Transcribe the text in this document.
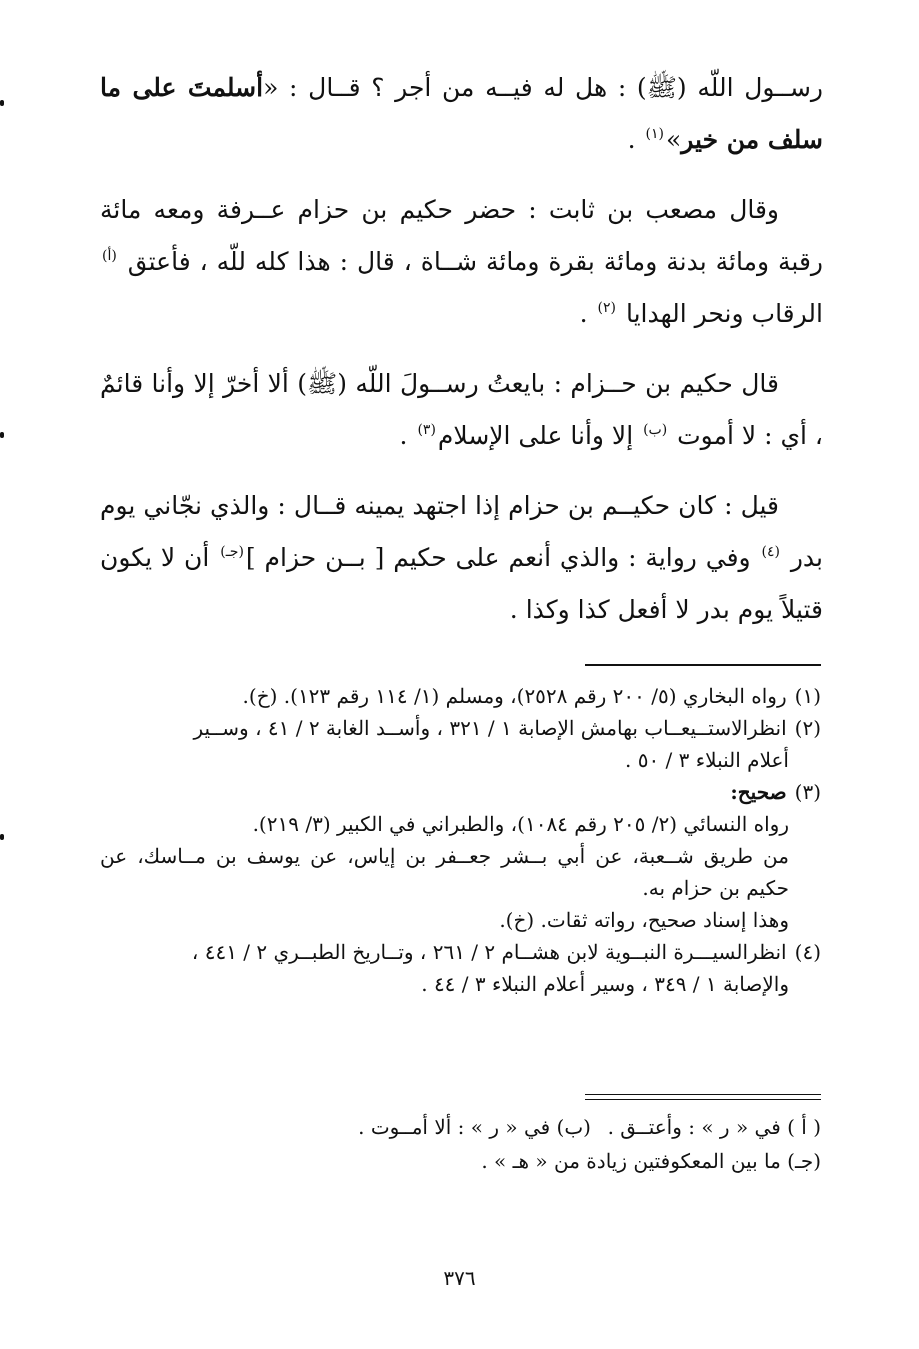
رســول اللّه (ﷺ) : هل له فيــه من أجر ؟ قــال : «أسلمتَ على ما سلف من خير»$^{(١)}$ .

وقال مصعب بن ثابت : حضر حكيم بن حزام عــرفة ومعه مائة رقبة ومائة بدنة ومائة بقرة ومائة شــاة ، قال : هذا كله للّه ، فأعتق $^{(أ)}$ الرقاب ونحر الهدايا $^{(٢)}$ .

قال حكيم بن حــزام : بايعتُ رســولَ اللّه (ﷺ) ألا أخرّ إلا وأنا قائمٌ ، أي : لا أموت $^{(ب)}$ إلا وأنا على الإسلام$^{(٣)}$ .

قيل : كان حكيــم بن حزام إذا اجتهد يمينه قــال : والذي نجّاني يوم بدر $^{(٤)}$ وفي رواية : والذي أنعم على حكيم [ بــن حزام ]$^{(جـ)}$ أن لا يكون قتيلاً يوم بدر لا أفعل كذا وكذا .

(١)رواه البخاري (٥/ ٢٠٠ رقم ٢٥٢٨)، ومسلم (١/ ١١٤ رقم ١٢٣). (خ).

(٢)انظرالاستــيعــاب بهامش الإصابة ١ / ٣٢١ ، وأســد الغابة ٢ / ٤١ ، وســير

أعلام النبلاء ٣ / ٥٠ .

(٣)صحيح:

رواه النسائي (٢/ ٢٠٥ رقم ١٠٨٤)، والطبراني في الكبير (٣/ ٢١٩).

من طريق شــعبة، عن أبي بــشر جعــفر بن إياس، عن يوسف بن مــاسك، عن حكيم بن حزام به.

وهذا إسناد صحيح، رواته ثقات. (خ).

(٤)انظرالسيـــرة النبــوية لابن هشــام ٢ / ٢٦١ ، وتــاريخ الطبــري ٢ / ٤٤١ ،

والإصابة ١ / ٣٤٩ ، وسير أعلام النبلاء ٣ / ٤٤ .

( أ ) في « ر » : وأعتــق .
(ب) في « ر » : ألا أمــوت .
(جـ) ما بين المعكوفتين زيادة من « هـ » .
٣٧٦
